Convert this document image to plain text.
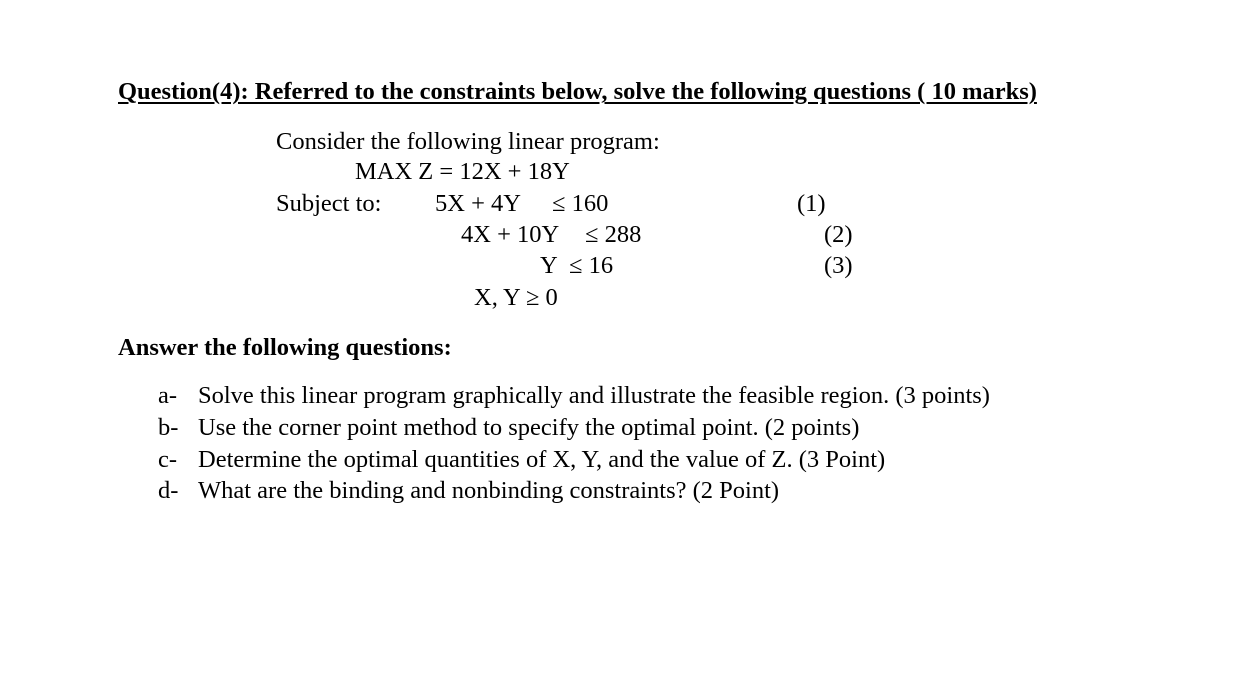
Question(4): Referred to the constraints below, solve the following questions ( 10 marks)
Consider the following linear program:
MAX Z = 12X + 18Y
Subject to: 5X + 4Y ≤ 160	(1)
4X + 10Y ≤ 288	(2)
Y ≤ 16	(3)
X, Y ≥ 0
Answer the following questions:
a- Solve this linear program graphically and illustrate the feasible region. (3 points)
b- Use the corner point method to specify the optimal point. (2 points)
c- Determine the optimal quantities of X, Y, and the value of Z. (3 Point)
d- What are the binding and nonbinding constraints? (2 Point)
